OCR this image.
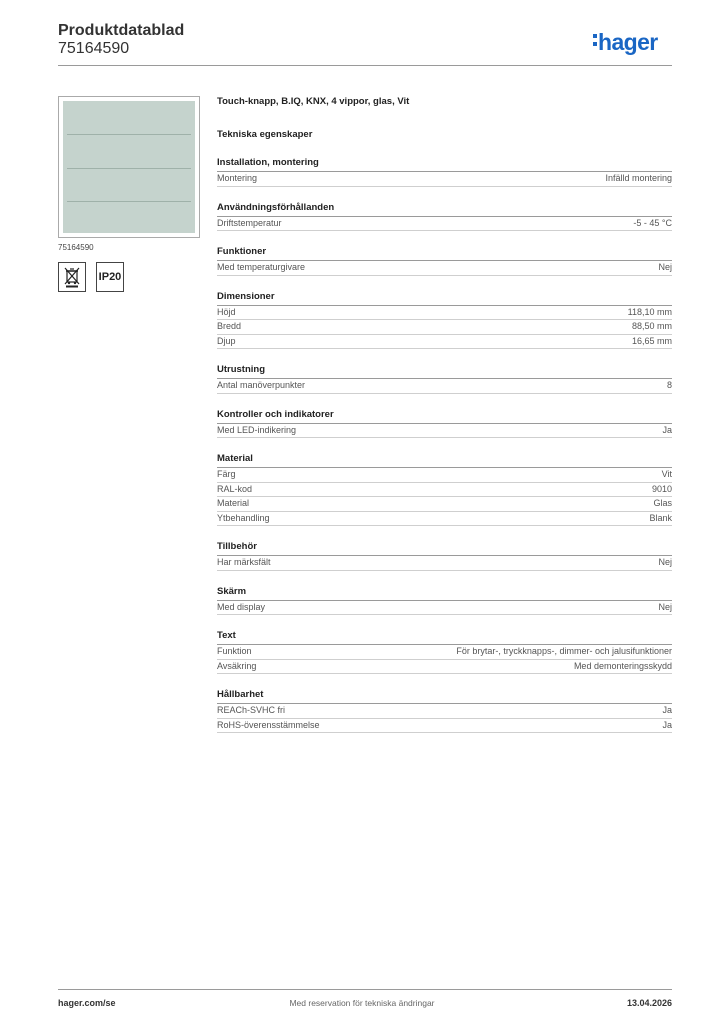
Produktdatablad
75164590	hager
75164590
IP20
Touch-knapp, B.IQ, KNX, 4 vippor, glas, Vit
Tekniska egenskaper
Installation, montering
Montering	Infälld montering
Användningsförhållanden
Driftstemperatur	-5 - 45 °C
Funktioner
Med temperaturgivare	Nej
Dimensioner
Höjd	118,10 mm
Bredd	88,50 mm
Djup	16,65 mm
Utrustning
Antal manöverpunkter	8
Kontroller och indikatorer
Med LED-indikering	Ja
Material
Färg	Vit
RAL-kod	9010
Material	Glas
Ytbehandling	Blank
Tillbehör
Har märksfält	Nej
Skärm
Med display	Nej
Text
Funktion	För brytar-, tryckknapps-, dimmer- och jalusifunktioner
Avsäkring	Med demonteringsskydd
Hållbarhet
REACh-SVHC fri	Ja
RoHS-överensstämmelse	Ja
hager.com/se	Med reservation för tekniska ändringar	13.04.2026
